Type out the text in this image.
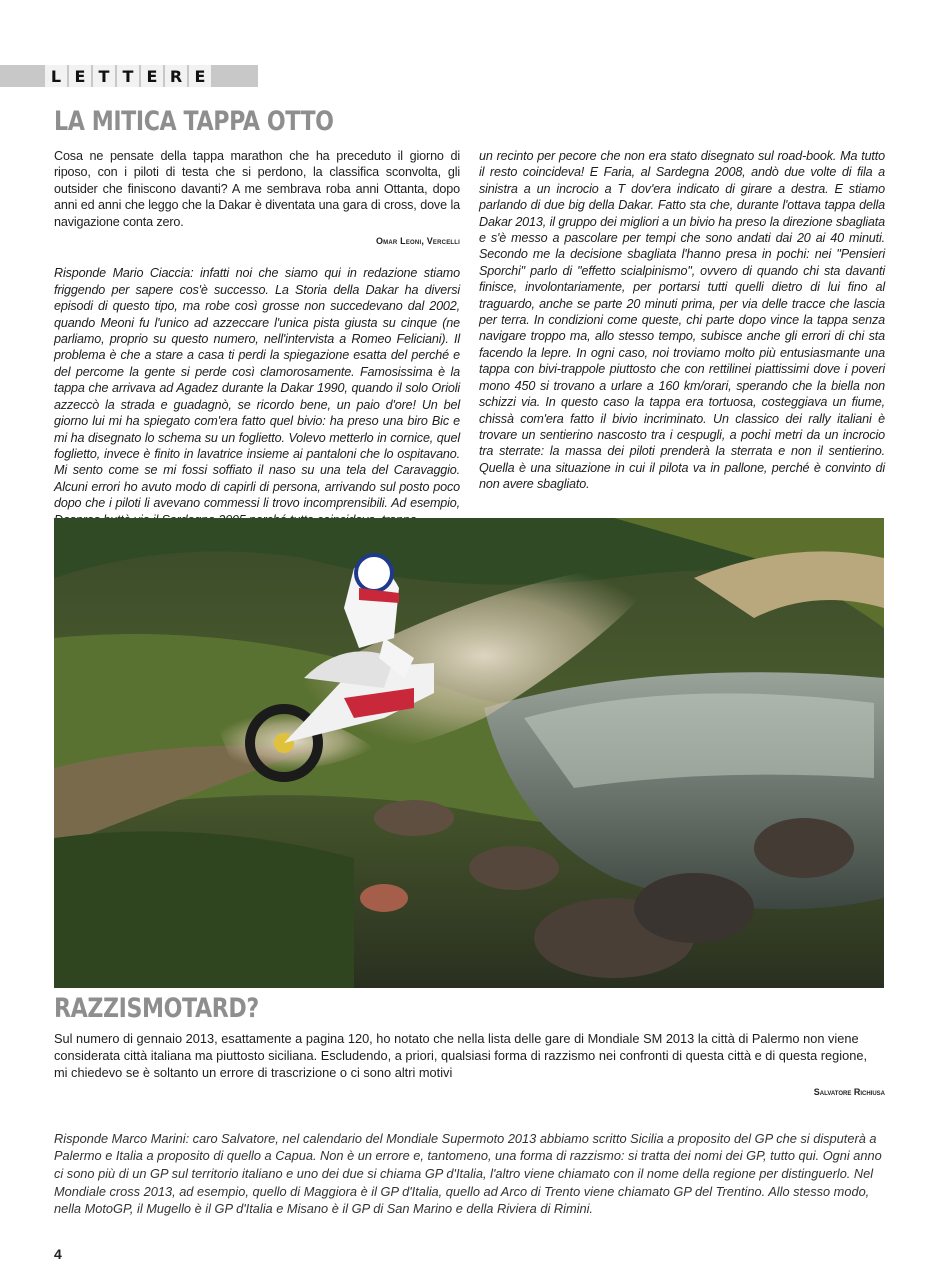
L E T T E R E
LA MITICA TAPPA OTTO

Cosa ne pensate della tappa marathon che ha preceduto il giorno di riposo, con i piloti di testa che si perdono, la classifica sconvolta, gli outsider che finiscono davanti? A me sembrava roba anni Ottanta, dopo anni ed anni che leggo che la Dakar è diventata una gara di cross, dove la navigazione conta zero.

Omar Leoni, Vercelli

Risponde Mario Ciaccia: infatti noi che siamo qui in redazione stiamo friggendo per sapere cos'è successo. La Storia della Dakar ha diversi episodi di questo tipo, ma robe così grosse non succedevano dal 2002, quando Meoni fu l'unico ad azzeccare l'unica pista giusta su cinque (ne parliamo, proprio su questo numero, nell'intervista a Romeo Feliciani). Il problema è che a stare a casa ti perdi la spiegazione esatta del perché e del percome la gente si perde così clamorosamente. Famosissima è la tappa che arrivava ad Agadez durante la Dakar 1990, quando il solo Orioli azzeccò la strada e guadagnò, se ricordo bene, un paio d'ore! Un bel giorno lui mi ha spiegato com'era fatto quel bivio: ha preso una biro Bic e mi ha disegnato lo schema su un foglietto. Volevo metterlo in cornice, quel foglietto, invece è finito in lavatrice insieme ai pantaloni che lo ospitavano. Mi sento come se mi fossi soffiato il naso su una tela del Caravaggio. Alcuni errori ho avuto modo di capirli di persona, arrivando sul posto poco dopo che i piloti li avevano commessi li trovo incomprensibili. Ad esempio,

un recinto per pecore che non era stato disegnato sul road-book. Ma tutto il resto coincideva! E Faria, al Sardegna 2008, andò due volte di fila a sinistra a un incrocio a T dov'era indicato di girare a destra. E stiamo parlando di due big della Dakar. Fatto sta che, durante l'ottava tappa della Dakar 2013, il gruppo dei migliori a un bivio ha preso la direzione sbagliata e s'è messo a pascolare per tempi che sono andati dai 20 ai 40 minuti. Secondo me la decisione sbagliata l'hanno presa in pochi: nei "Pensieri Sporchi" parlo di "effetto scialpinismo", ovvero di quando chi sta davanti finisce, involontariamente, per portarsi tutti quelli dietro di lui fino al traguardo, anche se parte 20 minuti prima, per via delle tracce che lascia per terra. In condizioni come queste, chi parte dopo vince la tappa senza navigare troppo ma, allo stesso tempo, subisce anche gli errori di chi sta facendo la lepre. In ogni caso, noi troviamo molto più entusiasmante una tappa con bivi-trappole piuttosto che con rettilinei piattissimi dove i poveri mono 450 si trovano a urlare a 160 km/orari, sperando che la biella non schizzi via. In questo caso la tappa era tortuosa, costeggiava un fiume, chissà com'era fatto il bivio incriminato. Un classico dei rally italiani è trovare un sentierino nascosto tra i cespugli, a pochi metri da un incrocio tra sterrate: la massa dei piloti prenderà la sterrata e non il sentierino. Quella è una situazione in cui il pilota va in pallone, perché è convinto di non avere sbagliato.

RAZZISMOTARD?

Sul numero di gennaio 2013, esattamente a pagina 120, ho notato che nella lista delle gare di Mondiale SM 2013 la città di Palermo non viene considerata città italiana ma piuttosto siciliana. Escludendo, a priori, qualsiasi forma di razzismo nei confronti di questa città e di questa regione, mi chiedevo se è soltanto un errore di trascrizione o ci sono altri motivi

Salvatore Richiusa

Risponde Marco Marini: caro Salvatore, nel calendario del Mondiale Supermoto 2013 abbiamo scritto Sicilia a proposito del GP che si disputerà a Palermo e Italia a proposito di quello a Capua. Non è un errore e, tantomeno, una forma di razzismo: si tratta dei nomi dei GP, tutto qui. Ogni anno ci sono più di un GP sul territorio italiano e uno dei due si chiama GP d'Italia, l'altro viene chiamato con il nome della regione per distinguerlo. Nel Mondiale cross 2013, ad esempio, quello di Maggiora è il GP d'Italia, quello ad Arco di Trento viene chiamato GP del Trentino. Allo stesso modo, nella MotoGP, il Mugello è il GP d'Italia e Misano è il GP di San Marino e della Riviera di Rimini.

4
